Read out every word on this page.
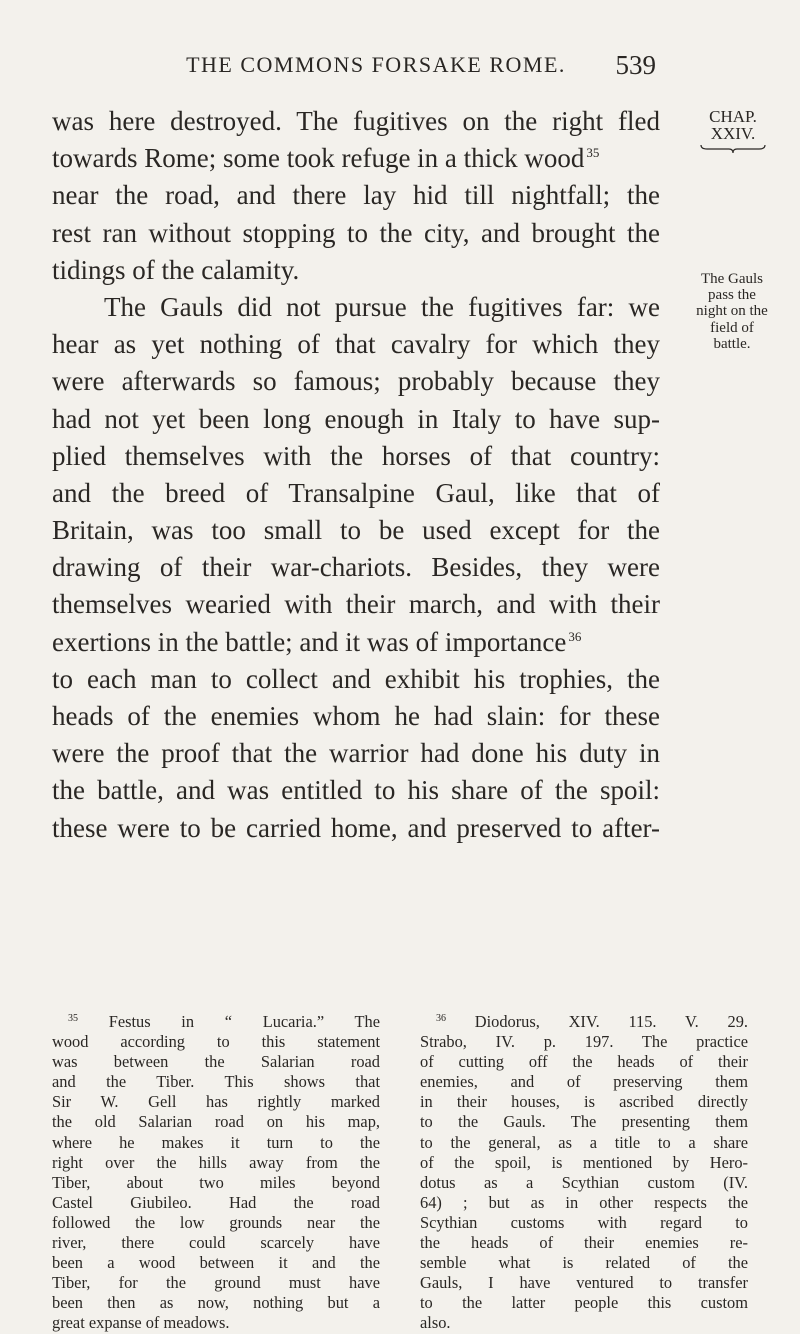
THE COMMONS FORSAKE ROME.	539
CHAP.
XXIV.
was here destroyed. The fugitives on the right fled
towards Rome; some took refuge in a thick wood $^{35}$
near the road, and there lay hid till nightfall; the
rest ran without stopping to the city, and brought the
tidings of the calamity.
The Gauls did not pursue the fugitives far: we
hear as yet nothing of that cavalry for which they
were afterwards so famous; probably because they
had not yet been long enough in Italy to have sup-
plied themselves with the horses of that country:
and the breed of Transalpine Gaul, like that of
Britain, was too small to be used except for the
drawing of their war-chariots. Besides, they were
themselves wearied with their march, and with their
exertions in the battle; and it was of importance $^{36}$
to each man to collect and exhibit his trophies, the
heads of the enemies whom he had slain: for these
were the proof that the warrior had done his duty in
the battle, and was entitled to his share of the spoil:
these were to be carried home, and preserved to after-
The Gauls
pass the
night on the
field of
battle.
$^{35}$ Festus in “ Lucaria.” The
wood according to this statement
was between the Salarian road
and the Tiber. This shows that
Sir W. Gell has rightly marked
the old Salarian road on his map,
where he makes it turn to the
right over the hills away from the
Tiber, about two miles beyond
Castel Giubileo. Had the road
followed the low grounds near the
river, there could scarcely have
been a wood between it and the
Tiber, for the ground must have
been then as now, nothing but a
great expanse of meadows.
$^{36}$ Diodorus, XIV. 115. V. 29.
Strabo, IV. p. 197. The practice
of cutting off the heads of their
enemies, and of preserving them
in their houses, is ascribed directly
to the Gauls. The presenting them
to the general, as a title to a share
of the spoil, is mentioned by Hero-
dotus as a Scythian custom (IV.
64) ; but as in other respects the
Scythian customs with regard to
the heads of their enemies re-
semble what is related of the
Gauls, I have ventured to transfer
to the latter people this custom
also.
